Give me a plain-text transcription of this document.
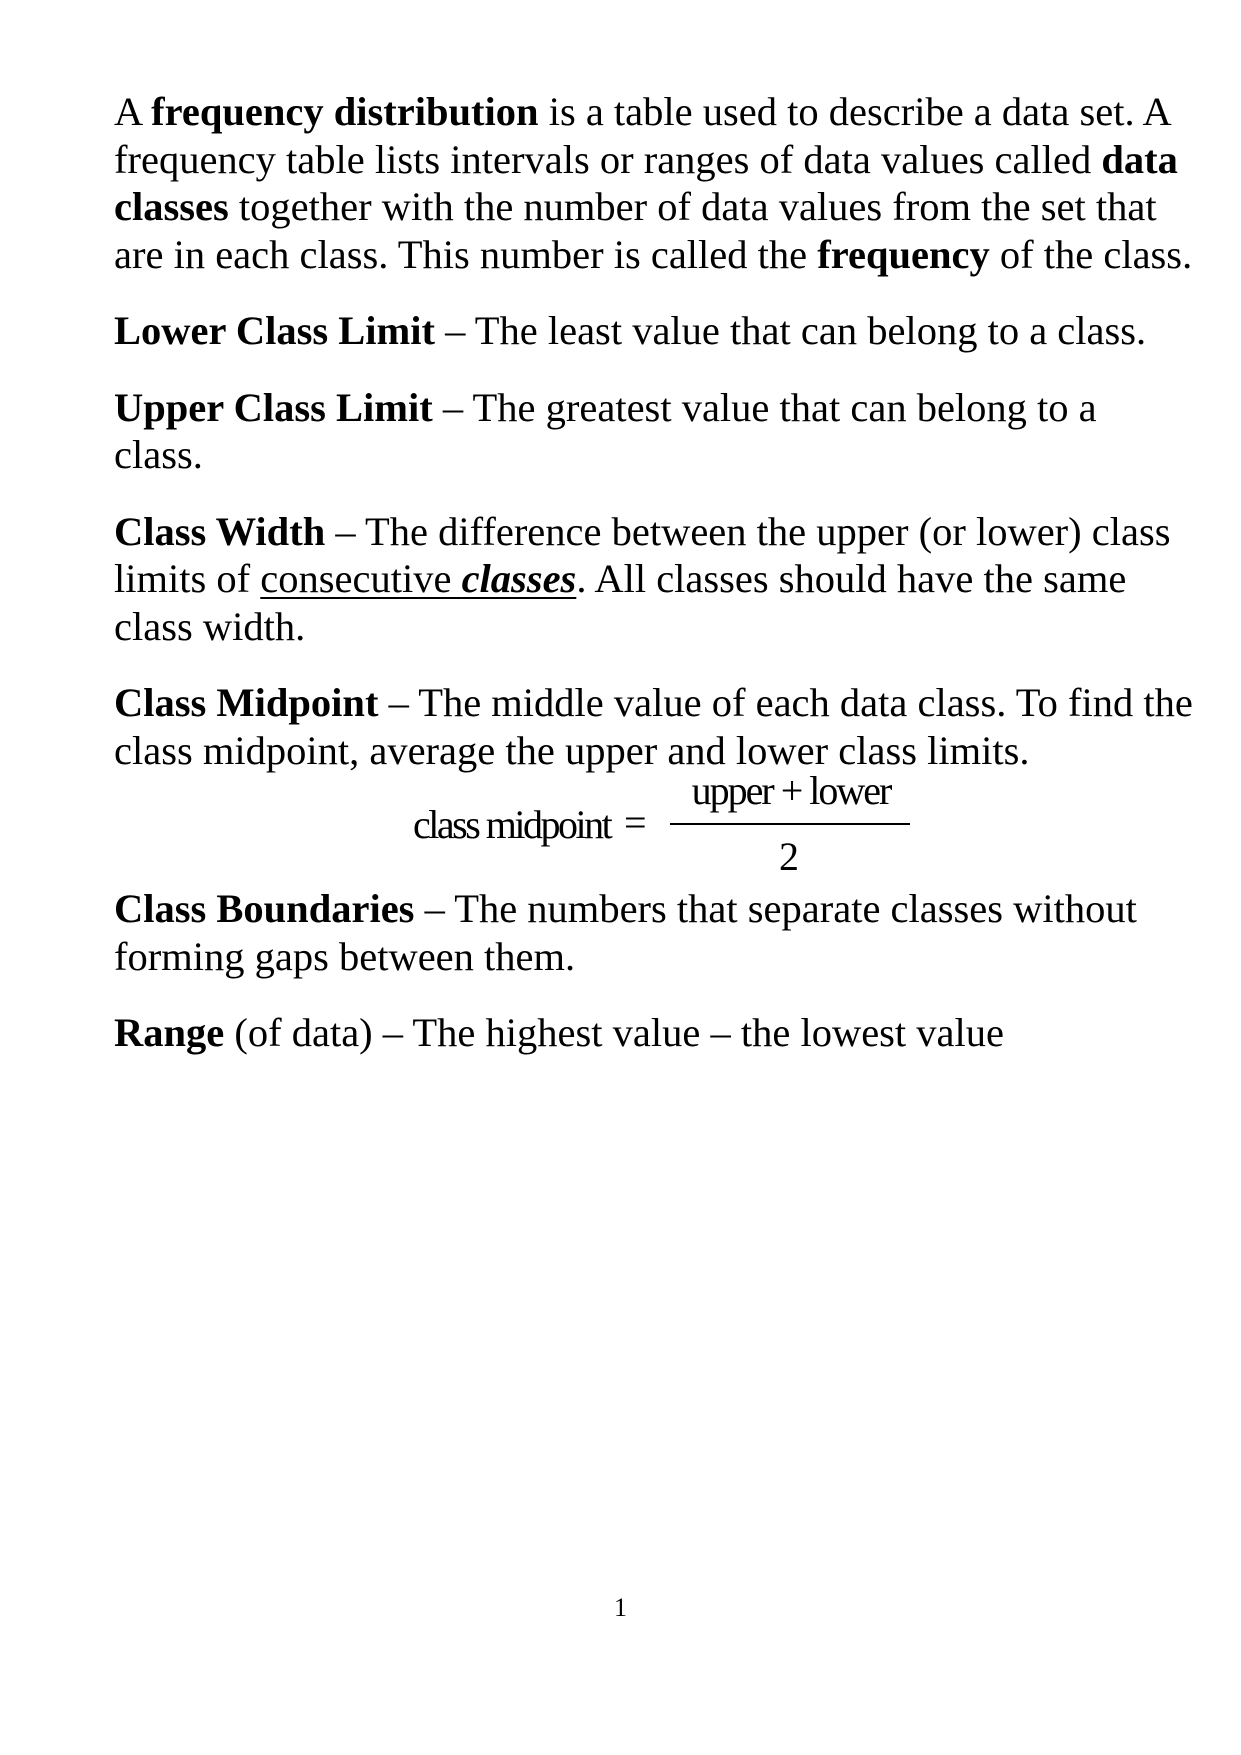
A frequency distribution is a table used to describe a data set. A frequency table lists intervals or ranges of data values called data classes together with the number of data values from the set that are in each class. This number is called the frequency of the class.

Lower Class Limit – The least value that can belong to a class.

Upper Class Limit – The greatest value that can belong to a class.

Class Width – The difference between the upper (or lower) class limits of consecutive classes. All classes should have the same class width.

Class Midpoint – The middle value of each data class. To find the class midpoint, average the upper and lower class limits.

class midpoint =
upper + lower
2

Class Boundaries – The numbers that separate classes without forming gaps between them.

Range (of data) – The highest value – the lowest value

1
